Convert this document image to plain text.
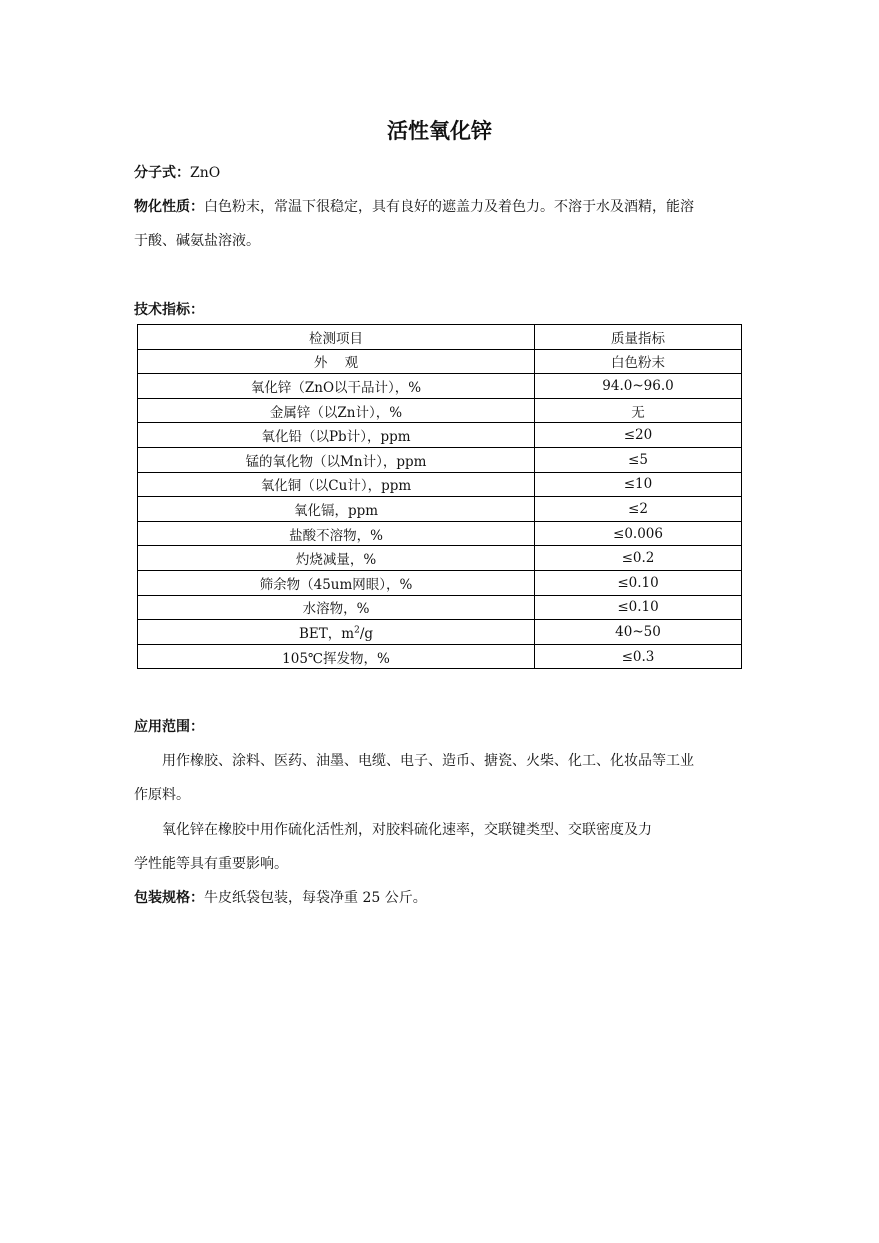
活性氧化锌
分子式：ZnO
物化性质：白色粉末，常温下很稳定，具有良好的遮盖力及着色力。不溶于水及酒精，能溶
于酸、碱氨盐溶液。
技术指标：
检测项目	质量指标
外    观	白色粉末
氧化锌（ZnO以干品计），%	94.0~96.0
金属锌（以Zn计），%	无
氧化铅（以Pb计），ppm	≤20
锰的氧化物（以Mn计），ppm	≤5
氧化铜（以Cu计），ppm	≤10
氧化镉，ppm	≤2
盐酸不溶物，%	≤0.006
灼烧减量，%	≤0.2
筛余物（45um网眼），%	≤0.10
水溶物，%	≤0.10
BET，$m^2/g$	40~50
105℃挥发物，%	≤0.3
应用范围：
用作橡胶、涂料、医药、油墨、电缆、电子、造币、搪瓷、火柴、化工、化妆品等工业
作原料。
氧化锌在橡胶中用作硫化活性剂，对胶料硫化速率，交联键类型、交联密度及力
学性能等具有重要影响。
包装规格：牛皮纸袋包装，每袋净重 25 公斤。
